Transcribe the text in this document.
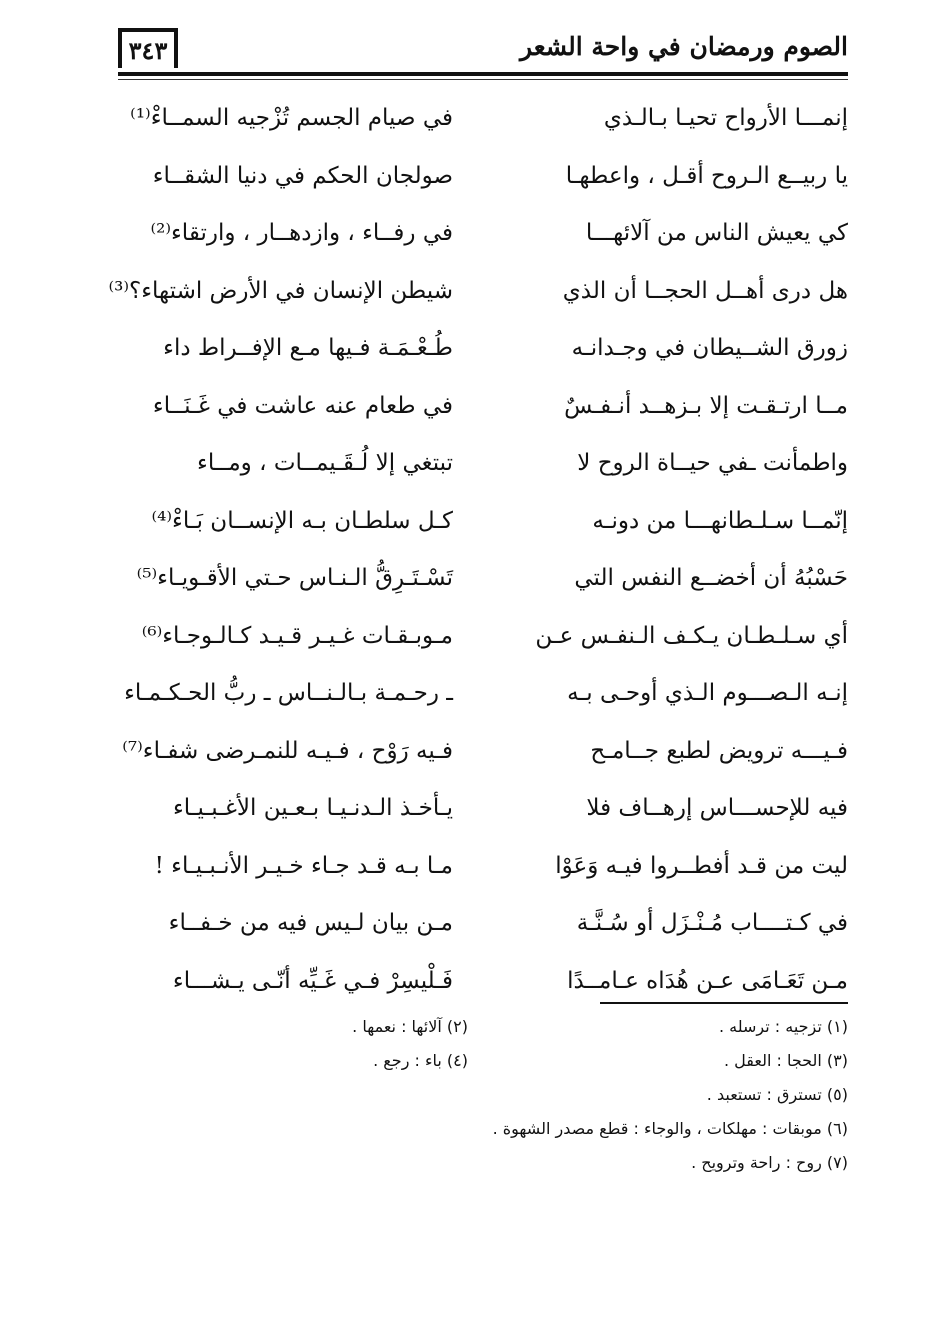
الصوم ورمضان في واحة الشعر
٣٤٣
إنمـــا الأرواح تحيـا بـالـذي
في صيام الجسم تُزْجيه السمــاءْ⁽¹⁾
يا ربيــع الـروح أقـل ، واعطهـا
صولجان الحكم في دنيا الشقــاء
كي يعيش الناس من آلائهـــا
في رفــاء ، وازدهــار ، وارتقاء⁽²⁾
هل درى أهــل الحجــا أن الذي
شيطن الإنسان في الأرض اشتهاء؟⁽³⁾
زورق الشــيطان في وجـدانـه
طُـعْـمَـة فـيها مـع الإفــراط داء
مــا ارتـقـت إلا بـزهــد أنـفـسٌ
في طعام عنه عاشت في غَـنَــاء
واطمأنت ـفي حيــاة الروح لا
تبتغي إلا لُـقَـيمــات ، ومــاء
إنّمــا سـلـطانهـــا من دونـه
كـل سلطـان بـه الإنســان بَـاءْ⁽⁴⁾
حَسْبُهُ أن أخضــع النفس التي
تَسْـتَـرِقُّ الـنـاس حـتي الأقـويـاء⁽⁵⁾
أي سـلـطـان يـكـف الـنفـس عـن
مـوبـقـات غـيـر قـيـد كـالـوجـاء⁽⁶⁾
إنـه الـصـــوم الـذي أوحـى بـه
ـ رحـمـة بـالـنــاس ـ ربُّ الحـكـمـاء
فـيـــه ترويض لطبع جــامـح
فـيه رَوْح ، فـيـه للنمـرضى شفـاء⁽⁷⁾
فيه للإحســـاس إرهــاف فلا
يـأخـذ الـدنـيـا بـعـين الأغـبـيـاء
ليت من قـد أفطــروا فيـه وَعَوْا
مـا بـه قـد جـاء خـيـر الأنـبـيـاء !
في كـتــــاب مُـنْـزَل أو سُـنَّـة
مـن بيان لـيس فيه من خـفــاء
مـن تَعَـامَى عـن هُدَاه عـامــدًا
فَـلْيسِرْ فـي غَـيِّه أنّـى يـشـــاء
(١) تزجيه : ترسله .
(٢) آلائها : نعمها .
(٣) الحجا : العقل .
(٤) باء : رجع .
(٥) تسترق : تستعبد .
(٦) موبقات : مهلكات ، والوجاء : قطع مصدر الشهوة .
(٧) روح : راحة وترويح .
